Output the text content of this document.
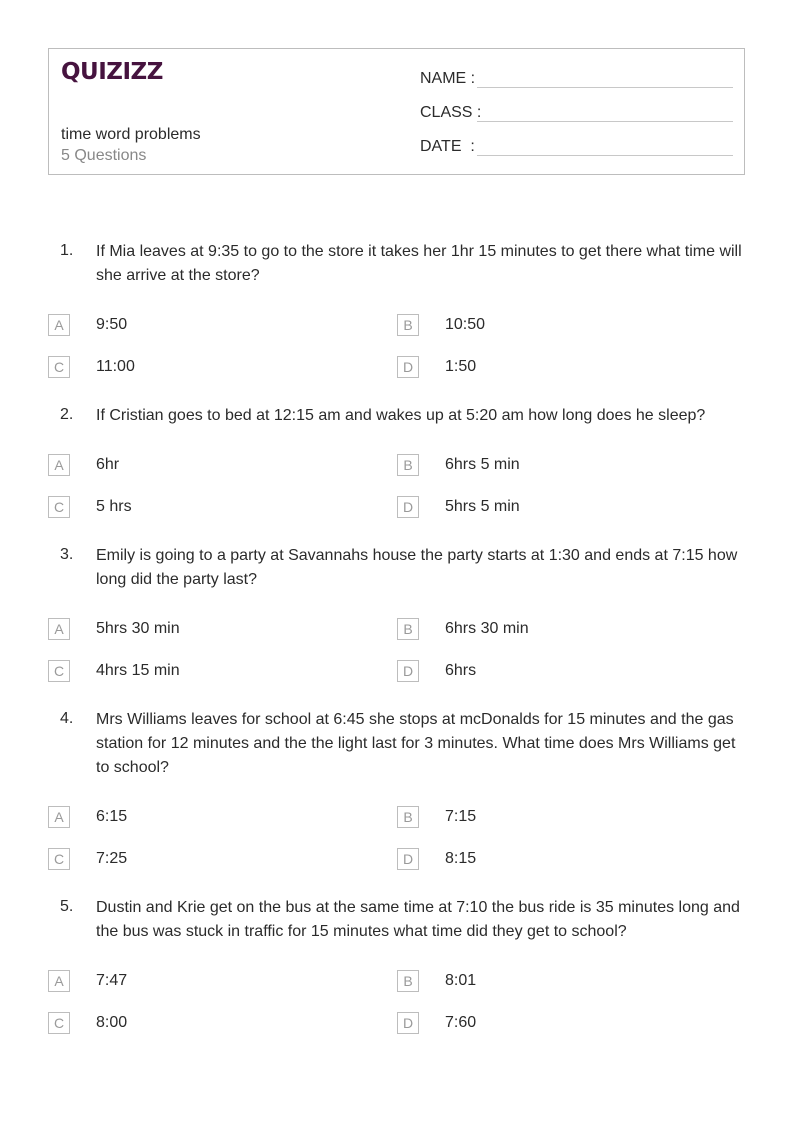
QUIZIZZ
time word problems
5 Questions
NAME :
CLASS :
DATE  :
1. If Mia leaves at 9:35 to go to the store it takes her 1hr 15 minutes to get there what time will she arrive at the store?
A	9:50	B	10:50
C	11:00	D	1:50
2. If Cristian goes to bed at 12:15 am and wakes up at 5:20 am how long does he sleep?
A	6hr	B	6hrs 5 min
C	5 hrs	D	5hrs 5 min
3. Emily is going to a party at Savannahs house the party starts at 1:30 and ends at 7:15 how long did the party last?
A	5hrs 30 min	B	6hrs 30 min
C	4hrs 15 min	D	6hrs
4. Mrs Williams leaves for school at 6:45 she stops at mcDonalds for 15 minutes and the gas station for 12 minutes and the the light last for 3 minutes. What time does Mrs Williams get to school?
A	6:15	B	7:15
C	7:25	D	8:15
5. Dustin and Krie get on the bus at the same time at 7:10 the bus ride is 35 minutes long and the bus was stuck in traffic for 15 minutes what time did they get to school?
A	7:47	B	8:01
C	8:00	D	7:60
